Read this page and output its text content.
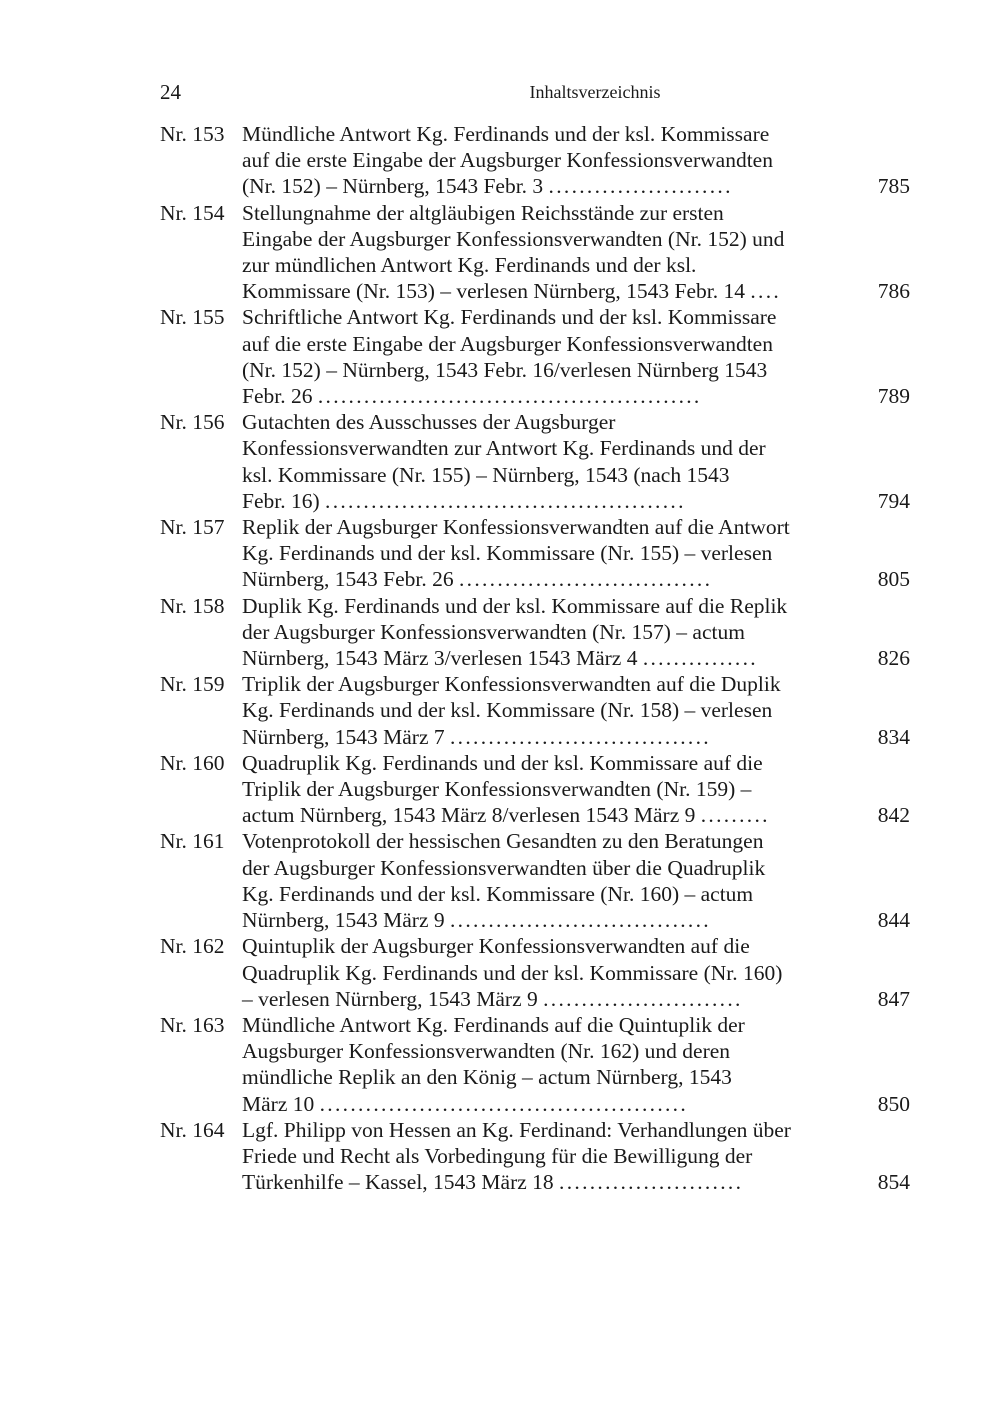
24	Inhaltsverzeichnis
Nr. 153 Mündliche Antwort Kg. Ferdinands und der ksl. Kommissare
auf die erste Eingabe der Augsburger Konfessionsverwandten
(Nr. 152) – Nürnberg, 1543 Febr. 3 ........................	785
Nr. 154 Stellungnahme der altgläubigen Reichsstände zur ersten
Eingabe der Augsburger Konfessionsverwandten (Nr. 152) und
zur mündlichen Antwort Kg. Ferdinands und der ksl.
Kommissare (Nr. 153) – verlesen Nürnberg, 1543 Febr. 14 ....	786
Nr. 155 Schriftliche Antwort Kg. Ferdinands und der ksl. Kommissare
auf die erste Eingabe der Augsburger Konfessionsverwandten
(Nr. 152) – Nürnberg, 1543 Febr. 16/verlesen Nürnberg 1543
Febr. 26 ..................................................	789
Nr. 156 Gutachten des Ausschusses der Augsburger
Konfessionsverwandten zur Antwort Kg. Ferdinands und der
ksl. Kommissare (Nr. 155) – Nürnberg, 1543 (nach 1543
Febr. 16) ...............................................	794
Nr. 157 Replik der Augsburger Konfessionsverwandten auf die Antwort
Kg. Ferdinands und der ksl. Kommissare (Nr. 155) – verlesen
Nürnberg, 1543 Febr. 26 .................................	805
Nr. 158 Duplik Kg. Ferdinands und der ksl. Kommissare auf die Replik
der Augsburger Konfessionsverwandten (Nr. 157) – actum
Nürnberg, 1543 März 3/verlesen 1543 März 4 ...............	826
Nr. 159 Triplik der Augsburger Konfessionsverwandten auf die Duplik
Kg. Ferdinands und der ksl. Kommissare (Nr. 158) – verlesen
Nürnberg, 1543 März 7 ..................................	834
Nr. 160 Quadruplik Kg. Ferdinands und der ksl. Kommissare auf die
Triplik der Augsburger Konfessionsverwandten (Nr. 159) –
actum Nürnberg, 1543 März 8/verlesen 1543 März 9 .........	842
Nr. 161 Votenprotokoll der hessischen Gesandten zu den Beratungen
der Augsburger Konfessionsverwandten über die Quadruplik
Kg. Ferdinands und der ksl. Kommissare (Nr. 160) – actum
Nürnberg, 1543 März 9 ..................................	844
Nr. 162 Quintuplik der Augsburger Konfessionsverwandten auf die
Quadruplik Kg. Ferdinands und der ksl. Kommissare (Nr. 160)
– verlesen Nürnberg, 1543 März 9 ..........................	847
Nr. 163 Mündliche Antwort Kg. Ferdinands auf die Quintuplik der
Augsburger Konfessionsverwandten (Nr. 162) und deren
mündliche Replik an den König – actum Nürnberg, 1543
März 10 ................................................	850
Nr. 164 Lgf. Philipp von Hessen an Kg. Ferdinand: Verhandlungen über
Friede und Recht als Vorbedingung für die Bewilligung der
Türkenhilfe – Kassel, 1543 März 18 ........................	854
